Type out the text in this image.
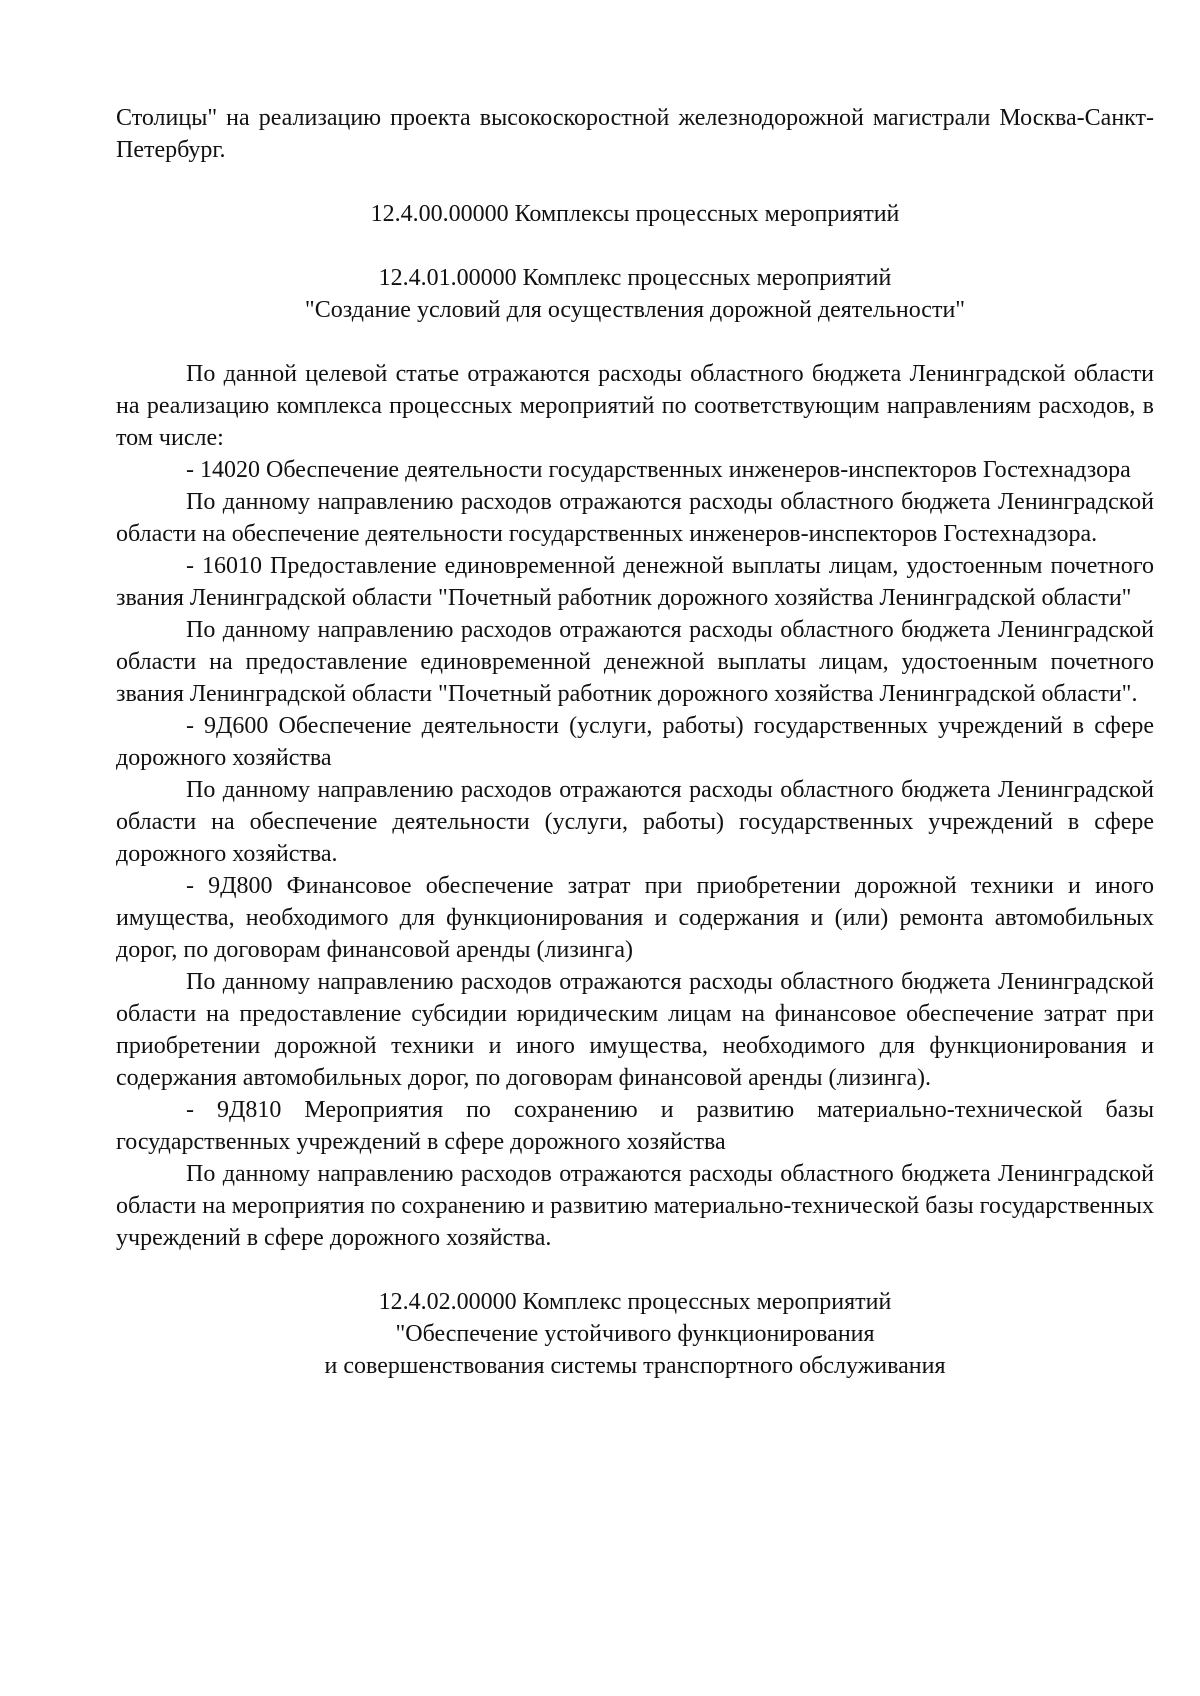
Столицы" на реализацию проекта высокоскоростной железнодорожной магистрали Москва-Санкт-Петербург.

12.4.00.00000 Комплексы процессных мероприятий

12.4.01.00000 Комплекс процессных мероприятий
"Создание условий для осуществления дорожной деятельности"

По данной целевой статье отражаются расходы областного бюджета Ленинградской области на реализацию комплекса процессных мероприятий по соответствующим направлениям расходов, в том числе:

- 14020 Обеспечение деятельности государственных инженеров-инспекторов Гостехнадзора

По данному направлению расходов отражаются расходы областного бюджета Ленинградской области на обеспечение деятельности государственных инженеров-инспекторов Гостехнадзора.

- 16010 Предоставление единовременной денежной выплаты лицам, удостоенным почетного звания Ленинградской области "Почетный работник дорожного хозяйства Ленинградской области"

По данному направлению расходов отражаются расходы областного бюджета Ленинградской области на предоставление единовременной денежной выплаты лицам, удостоенным почетного звания Ленинградской области "Почетный работник дорожного хозяйства Ленинградской области".

- 9Д600 Обеспечение деятельности (услуги, работы) государственных учреждений в сфере дорожного хозяйства

По данному направлению расходов отражаются расходы областного бюджета Ленинградской области на обеспечение деятельности (услуги, работы) государственных учреждений в сфере дорожного хозяйства.

- 9Д800 Финансовое обеспечение затрат при приобретении дорожной техники и иного имущества, необходимого для функционирования и содержания и (или) ремонта автомобильных дорог, по договорам финансовой аренды (лизинга)

По данному направлению расходов отражаются расходы областного бюджета Ленинградской области на предоставление субсидии юридическим лицам на финансовое обеспечение затрат при приобретении дорожной техники и иного имущества, необходимого для функционирования и содержания автомобильных дорог, по договорам финансовой аренды (лизинга).

- 9Д810 Мероприятия по сохранению и развитию материально-технической базы государственных учреждений в сфере дорожного хозяйства

По данному направлению расходов отражаются расходы областного бюджета Ленинградской области на мероприятия по сохранению и развитию материально-технической базы государственных учреждений в сфере дорожного хозяйства.

12.4.02.00000 Комплекс процессных мероприятий
"Обеспечение устойчивого функционирования
и совершенствования системы транспортного обслуживания
